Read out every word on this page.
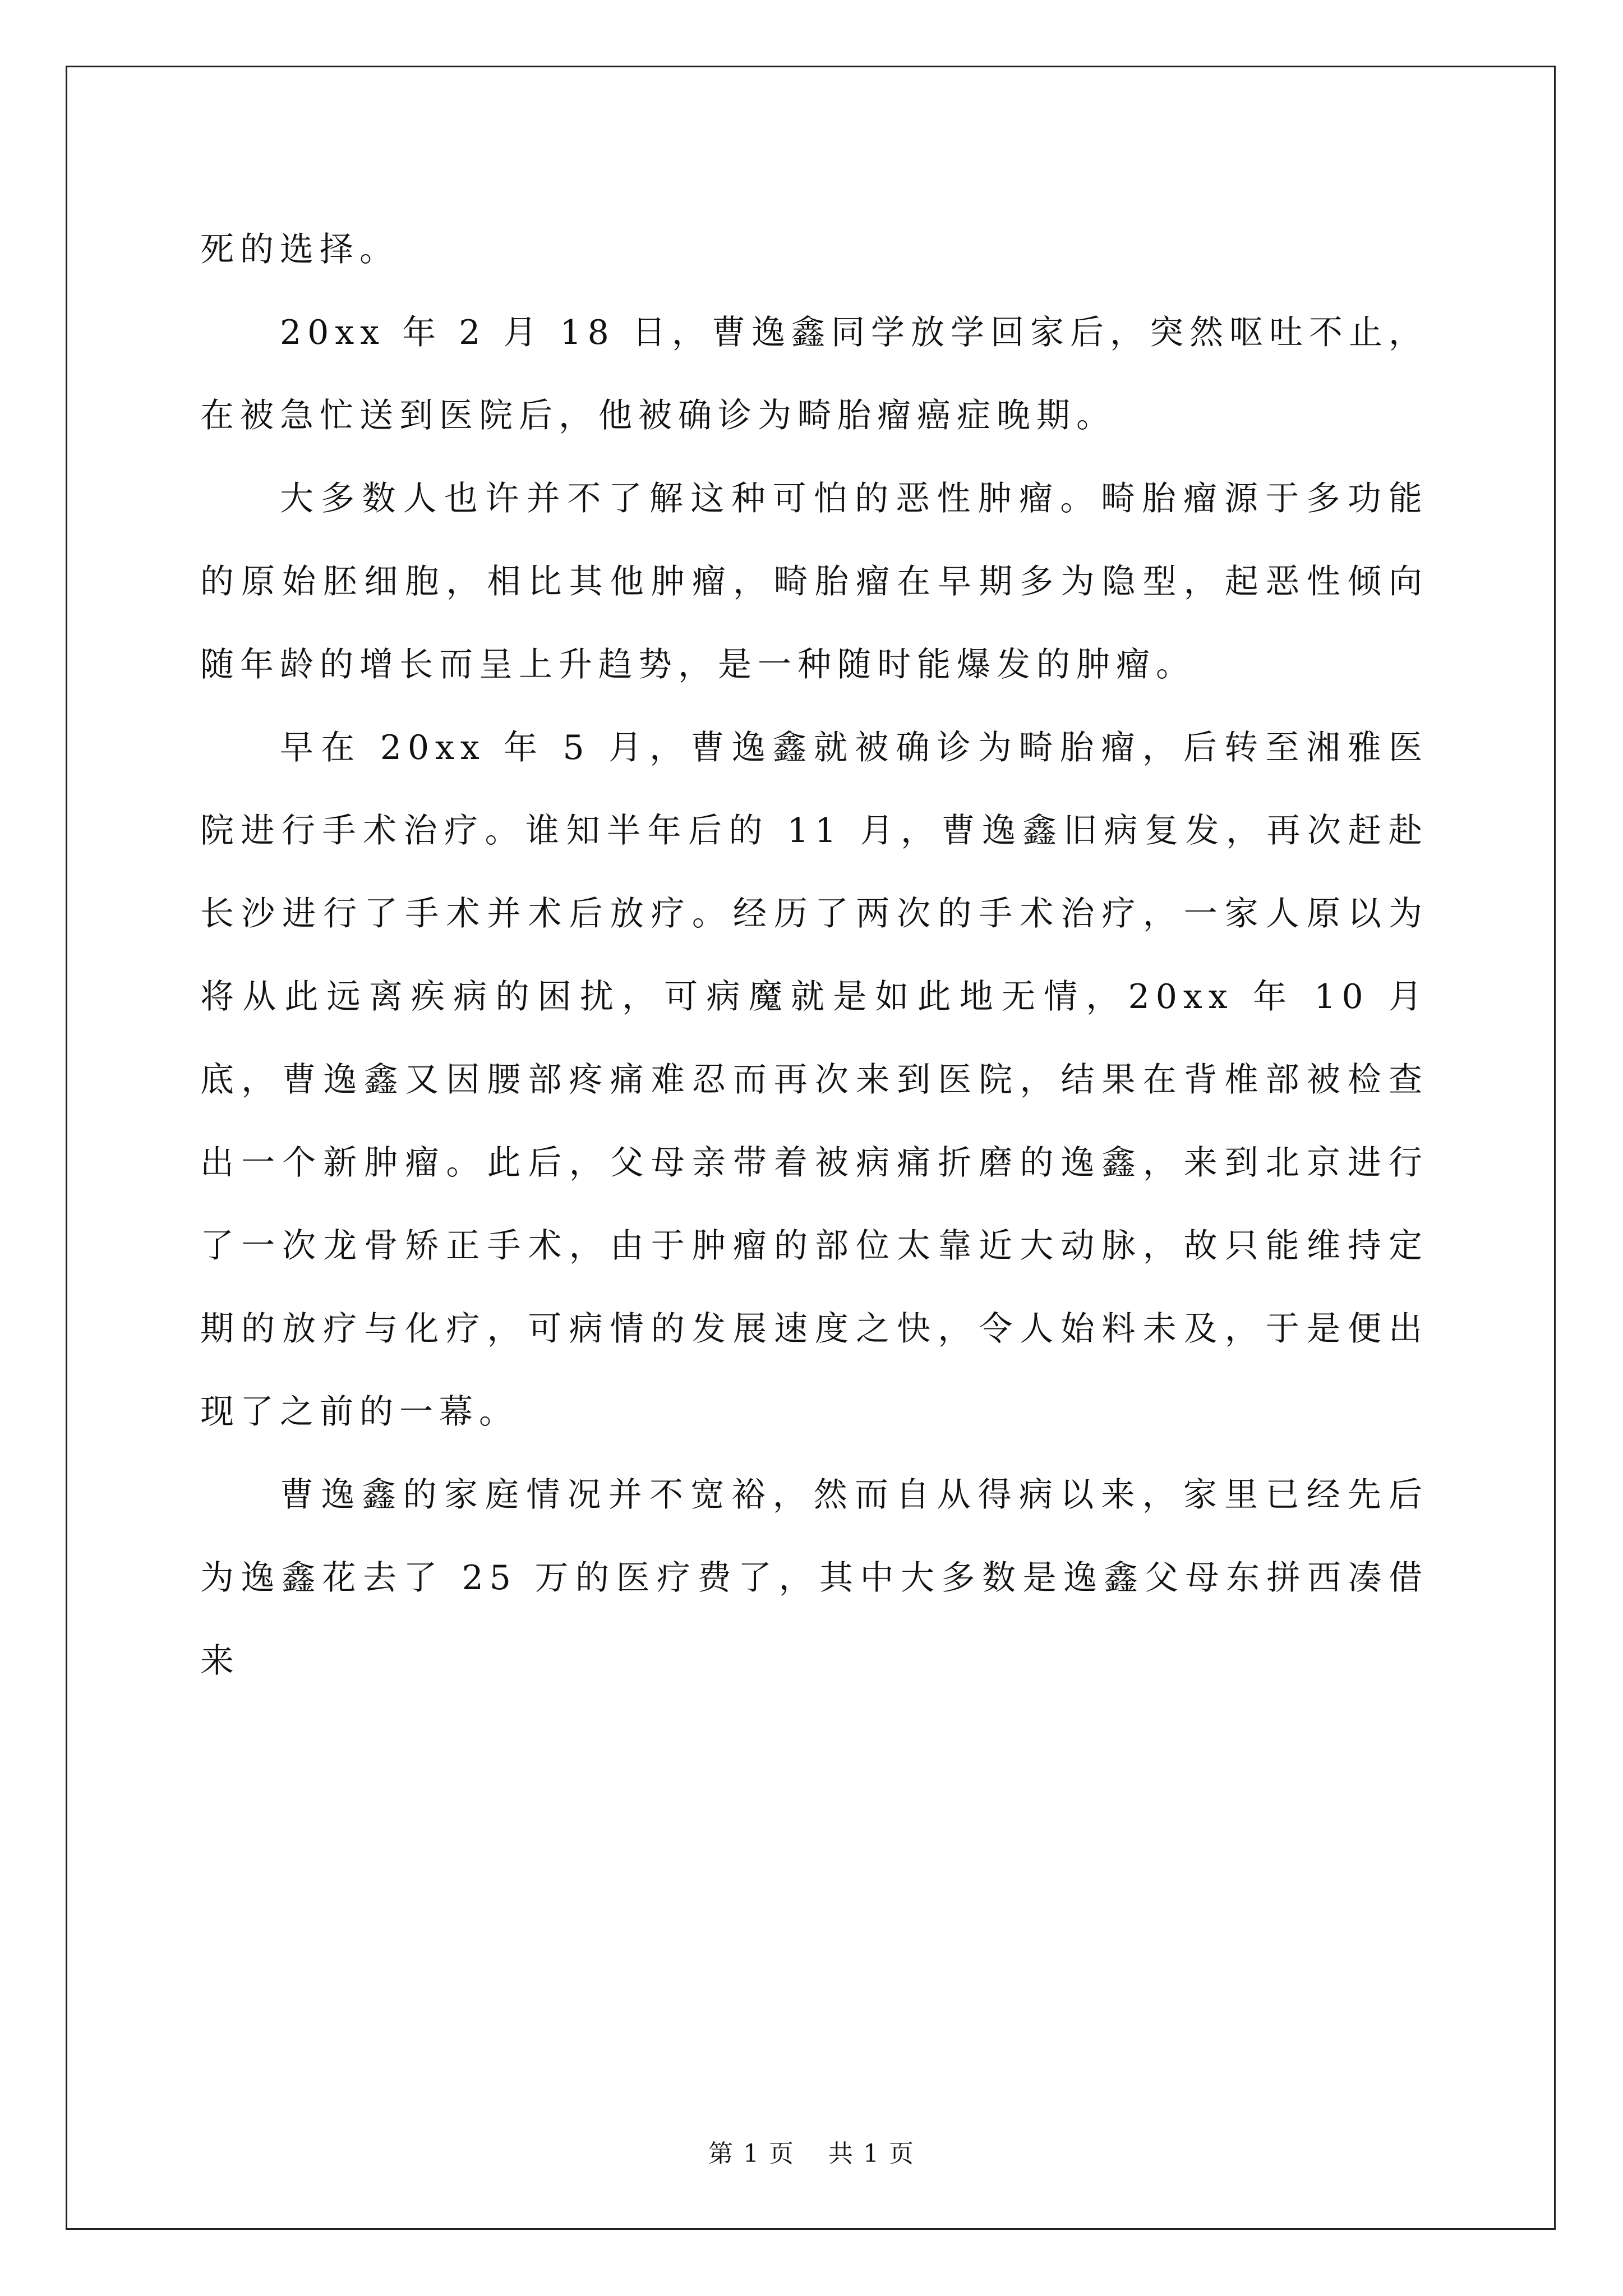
死的选择。

20xx 年 2 月 18 日，曹逸鑫同学放学回家后，突然呕吐不止，在被急忙送到医院后，他被确诊为畸胎瘤癌症晚期。

大多数人也许并不了解这种可怕的恶性肿瘤。畸胎瘤源于多功能的原始胚细胞，相比其他肿瘤，畸胎瘤在早期多为隐型，起恶性倾向随年龄的增长而呈上升趋势，是一种随时能爆发的肿瘤。

早在 20xx 年 5 月，曹逸鑫就被确诊为畸胎瘤，后转至湘雅医院进行手术治疗。谁知半年后的 11 月，曹逸鑫旧病复发，再次赶赴长沙进行了手术并术后放疗。经历了两次的手术治疗，一家人原以为将从此远离疾病的困扰，可病魔就是如此地无情，20xx 年 10 月底，曹逸鑫又因腰部疼痛难忍而再次来到医院，结果在背椎部被检查出一个新肿瘤。此后，父母亲带着被病痛折磨的逸鑫，来到北京进行了一次龙骨矫正手术，由于肿瘤的部位太靠近大动脉，故只能维持定期的放疗与化疗，可病情的发展速度之快，令人始料未及，于是便出现了之前的一幕。

曹逸鑫的家庭情况并不宽裕，然而自从得病以来，家里已经先后为逸鑫花去了 25 万的医疗费了，其中大多数是逸鑫父母东拼西凑借来

第 1 页 共 1 页
